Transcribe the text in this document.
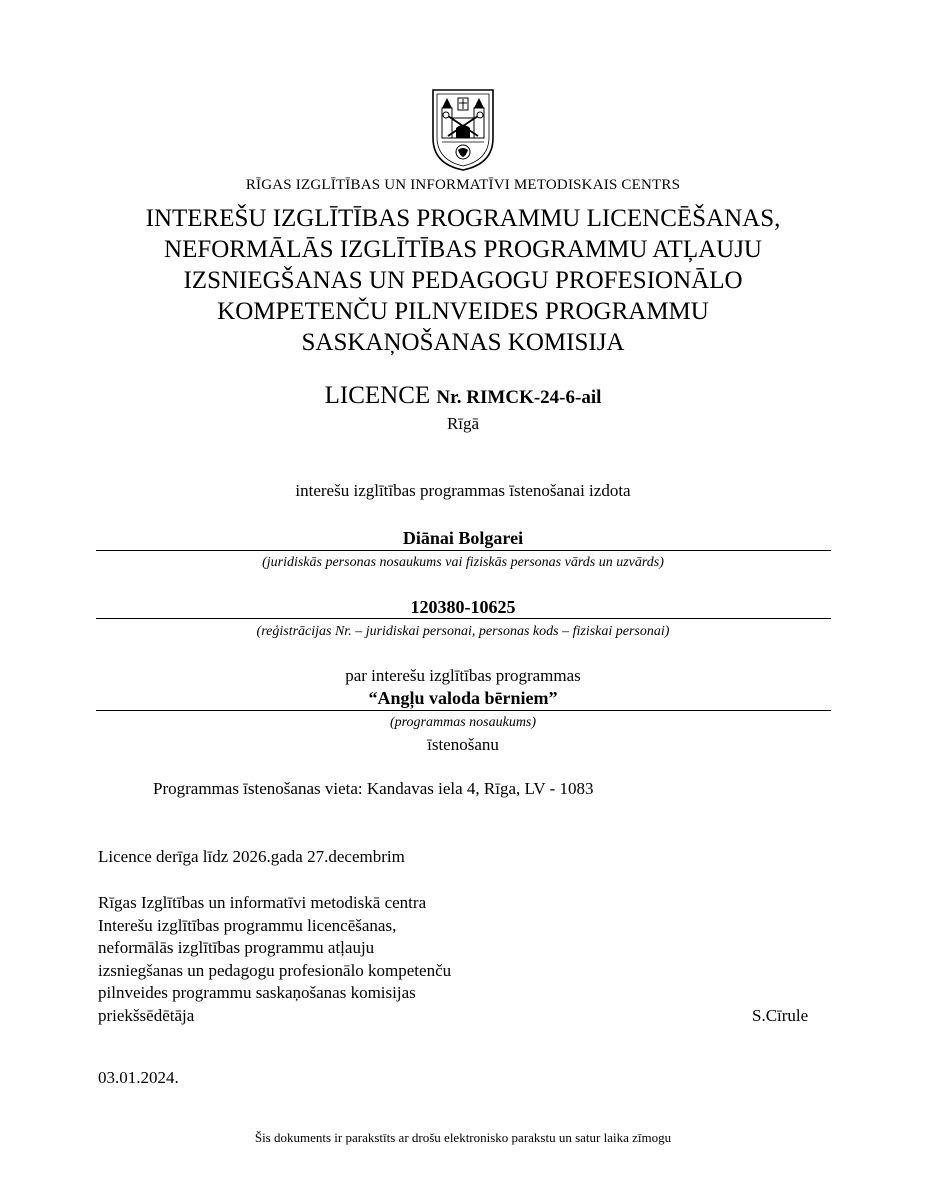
RĪGAS IZGLĪTĪBAS UN INFORMATĪVI METODISKAIS CENTRS
INTEREŠU IZGLĪTĪBAS PROGRAMMU LICENCĒŠANAS,
NEFORMĀLĀS IZGLĪTĪBAS PROGRAMMU ATĻAUJU
IZSNIEGŠANAS UN PEDAGOGU PROFESIONĀLO
KOMPETENČU PILNVEIDES PROGRAMMU
SASKAŅOŠANAS KOMISIJA
LICENCE Nr. RIMCK-24-6-ail
Rīgā
interešu izglītības programmas īstenošanai izdota
Diānai Bolgarei
(juridiskās personas nosaukums vai fiziskās personas vārds un uzvārds)
120380-10625
(reģistrācijas Nr. – juridiskai personai, personas kods – fiziskai personai)
par interešu izglītības programmas
“Angļu valoda bērniem”
(programmas nosaukums)
īstenošanu
Programmas īstenošanas vieta: Kandavas iela 4, Rīga, LV - 1083
Licence derīga līdz 2026.gada 27.decembrim
Rīgas Izglītības un informatīvi metodiskā centra
Interešu izglītības programmu licencēšanas,
neformālās izglītības programmu atļauju
izsniegšanas un pedagogu profesionālo kompetenču
pilnveides programmu saskaņošanas komisijas
priekšsēdētāja	S.Cīrule
03.01.2024.
Šis dokuments ir parakstīts ar drošu elektronisko parakstu un satur laika zīmogu
